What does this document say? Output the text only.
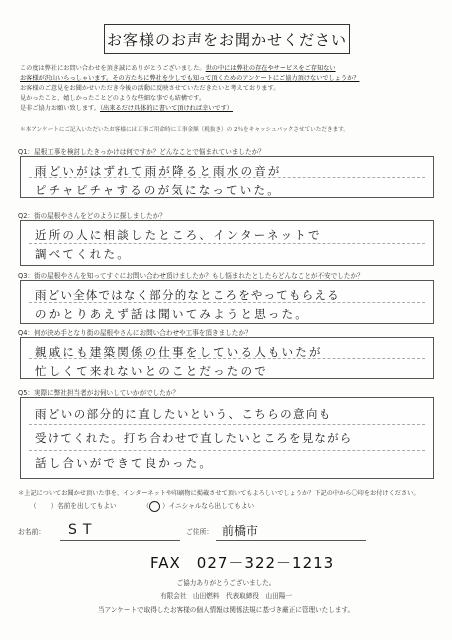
お客様のお声をお聞かせください
この度は弊社にお問い合わせを頂き誠にありがとうございました。世の中には弊社の存在やサービスをご存知ない
お客様が沢山いらっしゃいます。その方たちに弊社を少しでも知って頂くためのアンケートにご協力頂けないでしょうか？
お客様のご意見をお聞かせいただき今後の活動に反映させていただきたいと考えております。
見かったこと、嬉しかったことどのような些細な事でも結構です。
是非ご協力お願い致します。（出来るだけ具体的に書いて頂ければ幸いです）
＊本アンケートにご記入いただいたお客様には工事ご用命時に工事金額（税抜き）の 2％をキャッシュバックさせていただきます。
Q1：屋根工事を検討したきっかけは何ですか？どんなことで悩まれていましたか？
雨どいがはずれて雨が降ると雨水の音が
ピチャピチャするのが気になっていた。
Q2：街の屋根やさんをどのように探しましたか？
近所の人に相談したところ、インターネットで
調べてくれた。
Q3：街の屋根やさんを知ってすぐにお問い合わせ頂けましたか？もし悩まれたとしたらどんなことが不安でしたか？
雨どい全体ではなく部分的なところをやってもらえる
のかとりあえず話は聞いてみようと思った。
Q4：何が決め手となり街の屋根やさんにお問い合わせや工事を頂きましたか？
親戚にも建築関係の仕事をしている人もいたが
忙しくて来れないとのことだったので
Q5：実際に弊社担当者がお伺いしていかがでしたか？
雨どいの部分的に直したいという、こちらの意向も
受けてくれた。打ち合わせで直したいところを見ながら
話し合いができて良かった。
＊上記についてお聞かせ頂いた事を、インターネットや印刷物に掲載させて頂いてもよろしいでしょうか？下記の中から〇印をお付けください。
（ ）名前を出してもよい	（ ）イニシャルなら出してもよい
お名前： ST	ご住所： 前橋市
FAX　027－322－1213
ご協力ありがとうございました。
有限会社　山田燃料　代表取締役　山田陽一
当アンケートで取得したお客様の個人情報は関係法規に基づき厳正に管理いたします。
